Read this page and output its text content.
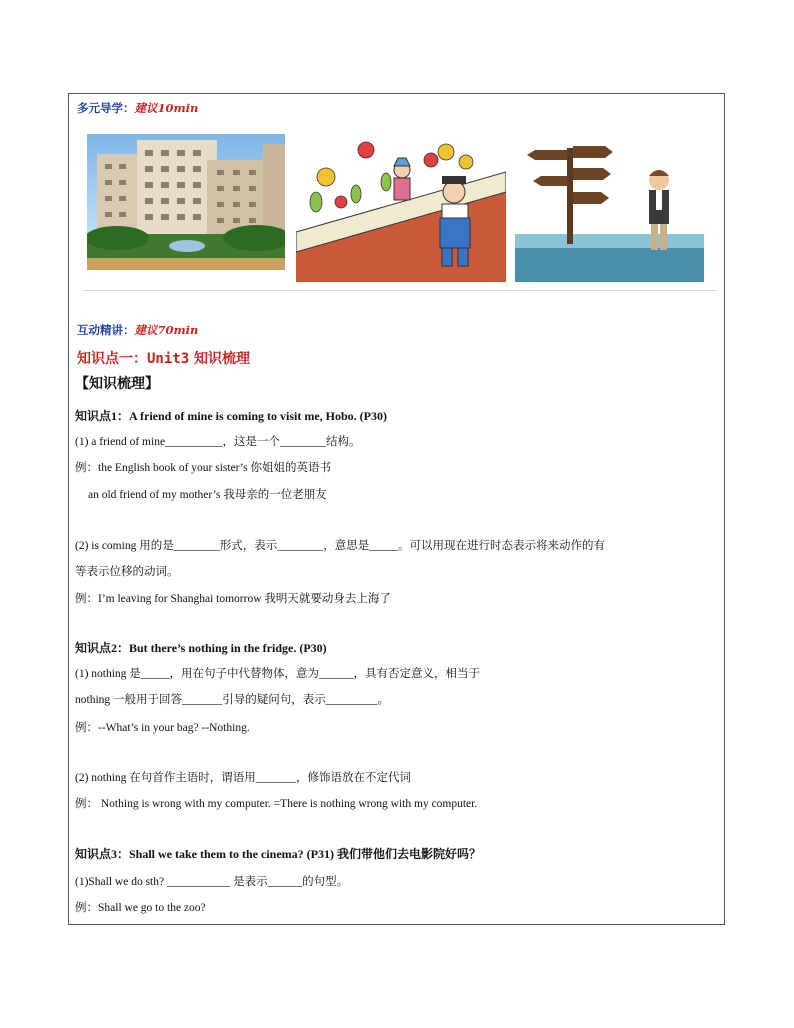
多元导学：建议10min
互动精讲：建议70min
知识点一：Unit3 知识梳理
【知识梳理】
知识点1：A friend of mine is coming to visit me, Hobo. (P30)
(1) a friend of mine__________，这是一个________结构。
例：the English book of your sister’s 你姐姐的英语书
an old friend of my mother’s 我母亲的一位老朋友
(2) is coming 用的是________形式，表示________，意思是_____。可以用现在进行时态表示将来动作的有
等表示位移的动词。
例：I’m leaving for Shanghai tomorrow 我明天就要动身去上海了
知识点2：But there’s nothing in the fridge. (P30)
(1) nothing 是_____，用在句子中代替物体，意为______，具有否定意义，相当于
nothing 一般用于回答_______引导的疑问句，表示_________。
例：--What’s in your bag? --Nothing.
(2) nothing 在句首作主语时，谓语用_______，修饰语放在不定代词
例： Nothing is wrong with my computer. =There is nothing wrong with my computer.
知识点3：Shall we take them to the cinema? (P31) 我们带他们去电影院好吗？
(1)Shall we do sth? ___________ 是表示______的句型。
例：Shall we go to the zoo?
